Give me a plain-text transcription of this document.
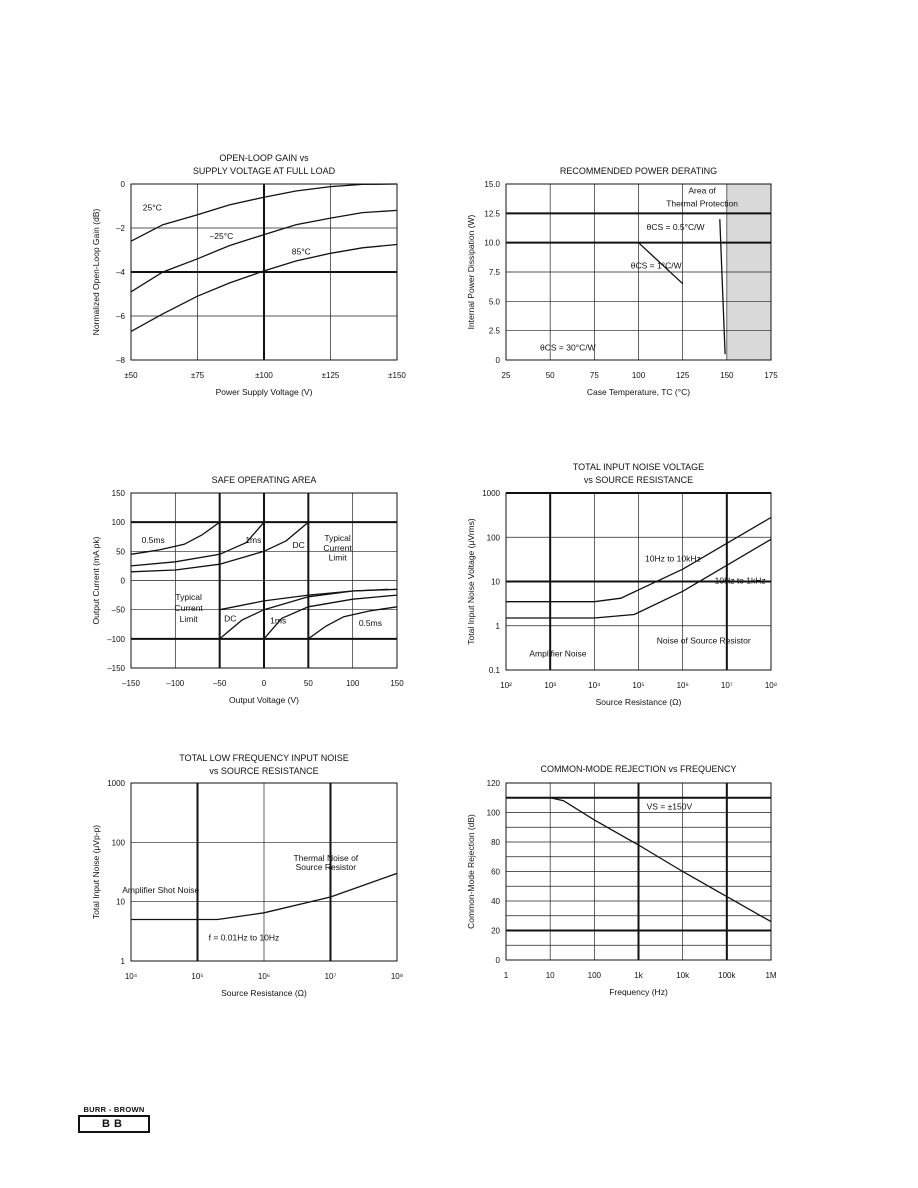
0
–2
–4
–6
–8
±50	±75	±100	±125	±150
OPEN-LOOP GAIN vs
SUPPLY VOLTAGE AT FULL LOAD
Power Supply Voltage (V)
Normalized Open-Loop Gain (dB)
25°C
–25°C
85°C
0
2.5
5.0
7.5
10.0
12.5
15.0
25	50	75	100	125	150	175
RECOMMENDED POWER DERATING
Case Temperature, TC (°C)
Internal Power Dissipation (W)
Area of
Thermal Protection
θCS = 0.5°C/W
θCS = 1°C/W
θCS = 30°C/W
150
100
50
0
–50
–100
–150
–150	–100	–50	0	50	100	150
SAFE OPERATING AREA
Output Voltage (V)
Output Current (mA pk)	0.5ms	1ms	DC
Typical
Current
Limit
Typical
Current
Limit	DC	1ms	0.5ms
0.1
1
10
100
1000
10²	10³	10⁴	10⁵	10⁶	10⁷	10⁸
TOTAL INPUT NOISE VOLTAGE
vs SOURCE RESISTANCE
Source Resistance (Ω)
Total Input Noise Voltage (μVrms)	10Hz to 10kHz
10Hz to 1kHz
Amplifier Noise
Noise of Source Resistor
1
10
100
1000
10⁴	10⁵	10⁶	10⁷	10⁸
TOTAL LOW FREQUENCY INPUT NOISE
vs SOURCE RESISTANCE
Source Resistance (Ω)
Total Input Noise (μVp-p)	Thermal Noise of
Source Resistor
Amplifier Shot Noise
f = 0.01Hz to 10Hz
0
20
40
60
80
100
120
1	10	100	1k	10k	100k	1M
COMMON-MODE REJECTION vs FREQUENCY
Frequency (Hz)
Common-Mode Rejection (dB)
VS = ±150V
BURR - BROWN
BB
